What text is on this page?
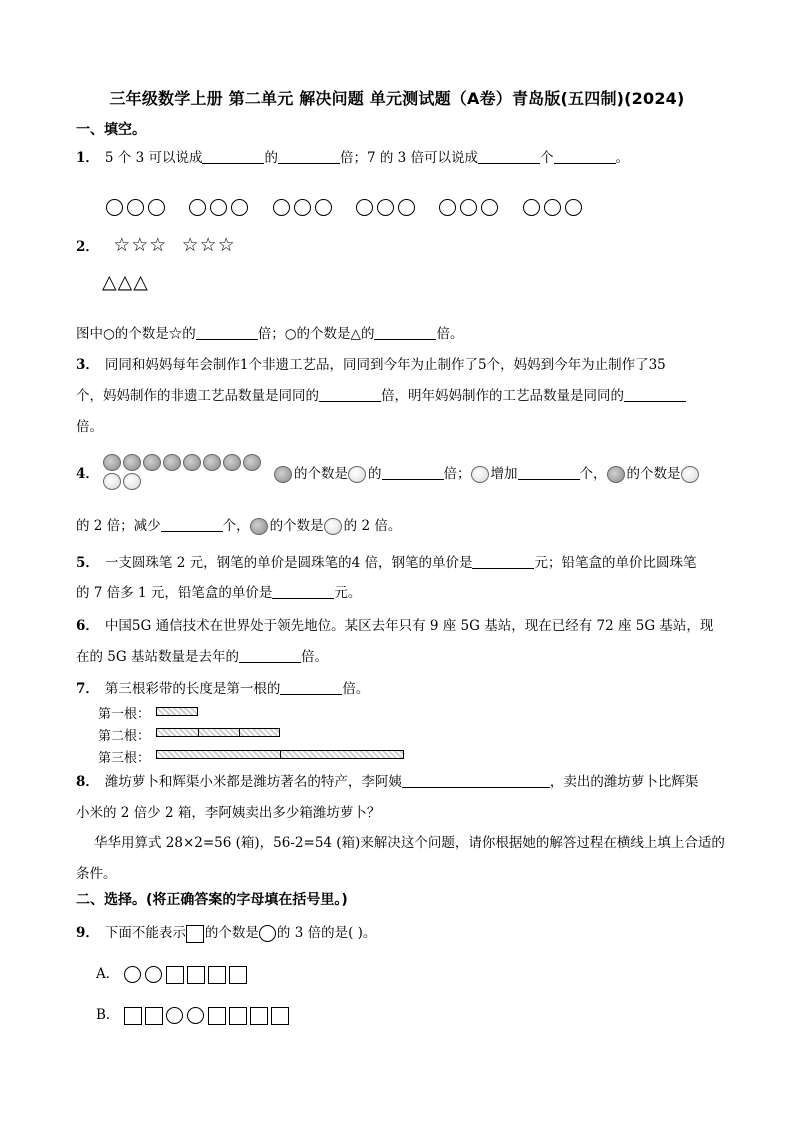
三年级数学上册 第二单元 解决问题 单元测试题（A卷）青岛版(五四制)(2024)
一、填空。
1． 5 个 3 可以说成	的	倍；7 的 3 倍可以说成	个	。

2． ☆☆☆ ☆☆☆
△△△
图中○的个数是☆的	倍；○的个数是△的	倍。
3． 同同和妈妈每年会制作1个非遗工艺品，同同到今年为止制作了5个，妈妈到今年为止制作了35
个，妈妈制作的非遗工艺品数量是同同的	倍，明年妈妈制作的工艺品数量是同同的
倍。
4．	的个数是 的	倍； 增加	个， 的个数是
的 2 倍；减少	个， 的个数是 的 2 倍。
5． 一支圆珠笔 2 元，钢笔的单价是圆珠笔的4 倍，钢笔的单价是	元；铅笔盒的单价比圆珠笔
的 7 倍多 1 元，铅笔盒的单价是	元。
6． 中国5G 通信技术在世界处于领先地位。某区去年只有 9 座 5G 基站，现在已经有 72 座 5G 基站，现
在的 5G 基站数量是去年的	倍。
7． 第三根彩带的长度是第一根的	倍。
第一根：
第二根：
第三根：
8． 潍坊萝卜和辉渠小米都是潍坊著名的特产，李阿姨	，卖出的潍坊萝卜比辉渠
小米的 2 倍少 2 箱，李阿姨卖出多少箱潍坊萝卜？
华华用算式 28×2=56 (箱)，56-2=54 (箱)来解决这个问题，请你根据她的解答过程在横线上填上合适的
条件。
二、选择。(将正确答案的字母填在括号里。)
9． 下面不能表示 的个数是 的 3 倍的是( )。
A．
B．
